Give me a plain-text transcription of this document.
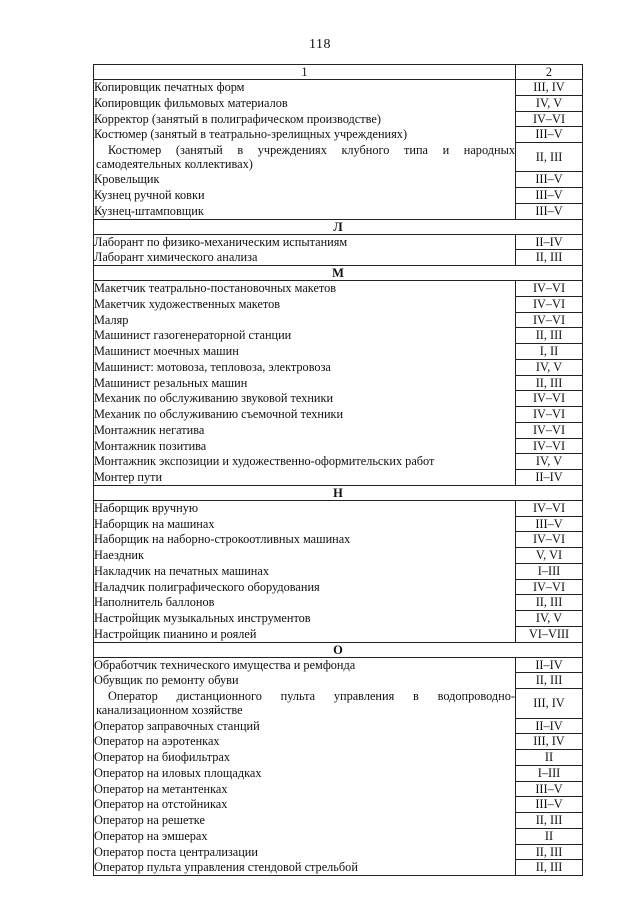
118
1	2
Копировщик печатных форм	III, IV
Копировщик фильмовых материалов	IV, V
Корректор (занятый в полиграфическом производстве)	IV–VI
Костюмер (занятый в театрально-зрелищных учреждениях)	III–V

Костюмер (занятый в учреждениях клубного типа и народных
самодеятельных коллективах)	II, III
Кровельщик	III–V
Кузнец ручной ковки	III–V
Кузнец-штамповщик	III–V
Л	
Лаборант по физико-механическим испытаниям	II–IV
Лаборант химического анализа	II, III
М	
Макетчик театрально-постановочных макетов	IV–VI
Макетчик художественных макетов	IV–VI
Маляр	IV–VI
Машинист газогенераторной станции	II, III
Машинист моечных машин	I, II
Машинист: мотовоза, тепловоза, электровоза	IV, V
Машинист резальных машин	II, III
Механик по обслуживанию звуковой техники	IV–VI
Механик по обслуживанию съемочной техники	IV–VI
Монтажник негатива	IV–VI
Монтажник позитива	IV–VI
Монтажник экспозиции и художественно-оформительских работ	IV, V
Монтер пути	II–IV
Н	
Наборщик вручную	IV–VI
Наборщик на машинах	III–V
Наборщик на наборно-строкоотливных машинах	IV–VI
Наездник	V, VI
Накладчик на печатных машинах	I–III
Наладчик полиграфического оборудования	IV–VI
Наполнитель баллонов	II, III
Настройщик музыкальных инструментов	IV, V
Настройщик пианино и роялей	VI–VIII
О	
Обработчик технического имущества и ремфонда	II–IV
Обувщик по ремонту обуви	II, III

Оператор дистанционного пульта управления в водопроводно-
канализационном хозяйстве	III, IV
Оператор заправочных станций	II–IV
Оператор на аэротенках	III, IV
Оператор на биофильтрах	II
Оператор на иловых площадках	I–III
Оператор на метантенках	III–V
Оператор на отстойниках	III–V
Оператор на решетке	II, III
Оператор на эмшерах	II
Оператор поста централизации	II, III
Оператор пульта управления стендовой стрельбой	II, III
